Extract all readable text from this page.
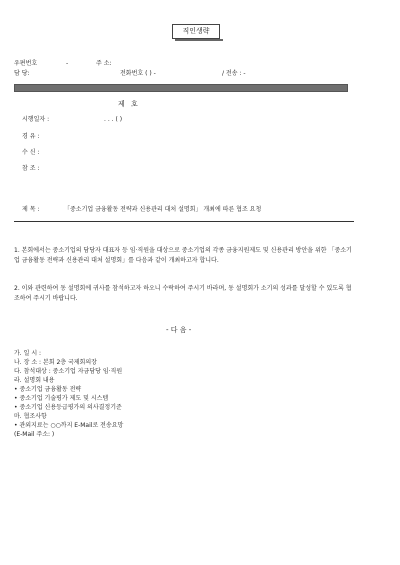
직인생략
우편번호	-	주 소:
담 당:	전화번호 ( ) -	/ 전송 : -
제 호
시행일자 :	. . . ( )
경 유 :
수 신 :
참 조 :
제 목 :	「중소기업 금융활동 전략과 신용관리 대처 설명회」 개최에 따른 협조 요청
1. 본회에서는 중소기업의 담당자 대표자 등 임·직원을 대상으로 중소기업의 각종 금융지원제도 및 신용관리 방안을 위한 「중소기업 금융활동 전략과 신용관리 대처 설명회」를 다음과 같이 개최하고자 합니다.
2. 이와 관련하여 동 설명회에 귀사를 참석하고자 하오니 수락하여 주시기 바라며, 동 설명회가 소기의 성과를 달성할 수 있도록 협조하여 주시기 바랍니다.
- 다 음 -
가. 일 시 :
나. 장 소 : 본회 2층 국제회의장
다. 참석대상 : 중소기업 자금담당 임·직원
라. 설명회 내용
• 중소기업 금융활동 전략
• 중소기업 기술평가 제도 및 시스템
• 중소기업 신용등급평가의 의사결정기준
마. 협조사항
• 관외지료는 ○○까지 E-Mail로 전송요망
(E-Mail 주소: )
